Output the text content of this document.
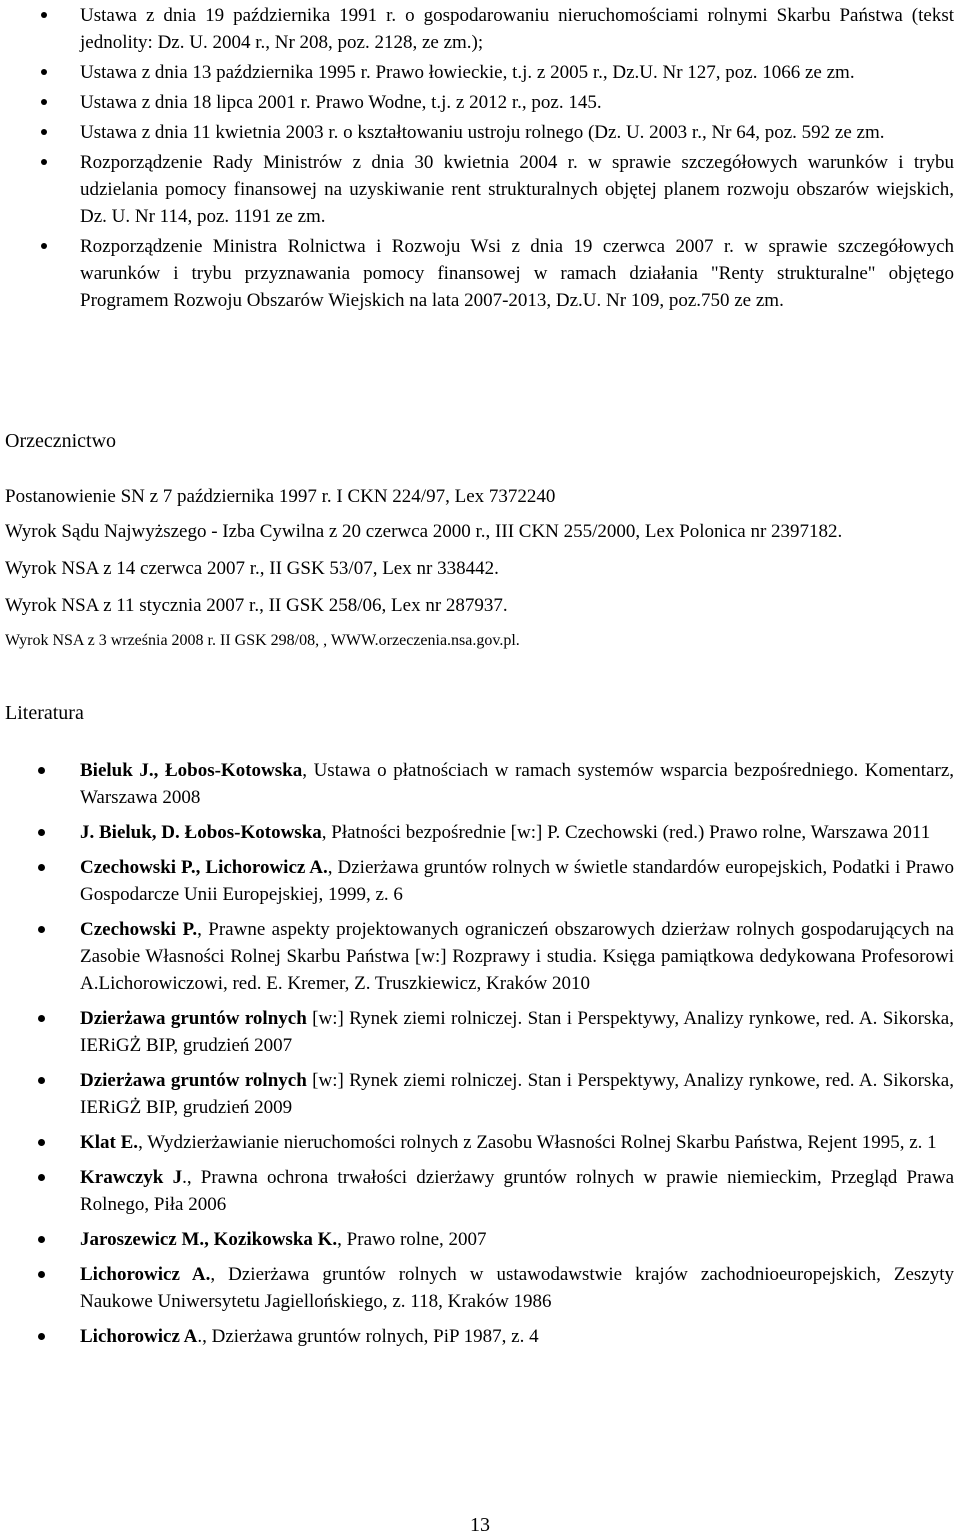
Ustawa z dnia 19 października 1991 r. o gospodarowaniu nieruchomościami rolnymi Skarbu Państwa (tekst jednolity: Dz. U. 2004 r., Nr 208, poz. 2128, ze zm.);
Ustawa z dnia 13 października 1995 r. Prawo łowieckie, t.j. z 2005 r., Dz.U. Nr 127, poz. 1066 ze zm.
Ustawa z dnia 18 lipca 2001 r. Prawo Wodne, t.j. z 2012 r., poz. 145.
Ustawa z dnia 11 kwietnia 2003 r. o kształtowaniu ustroju rolnego (Dz. U. 2003 r., Nr 64, poz. 592 ze zm.
Rozporządzenie Rady Ministrów z dnia 30 kwietnia 2004 r. w sprawie szczegółowych warunków i trybu udzielania pomocy finansowej na uzyskiwanie rent strukturalnych objętej planem rozwoju obszarów wiejskich, Dz. U. Nr 114, poz. 1191 ze zm.
Rozporządzenie Ministra Rolnictwa i Rozwoju Wsi z dnia 19 czerwca 2007 r. w sprawie szczegółowych warunków i trybu przyznawania pomocy finansowej w ramach działania "Renty strukturalne" objętego Programem Rozwoju Obszarów Wiejskich na lata 2007-2013, Dz.U. Nr 109, poz.750 ze zm.
Orzecznictwo

Postanowienie SN z 7 października 1997 r. I CKN 224/97, Lex 7372240

Wyrok Sądu Najwyższego - Izba Cywilna z 20 czerwca 2000 r., III CKN 255/2000, Lex Polonica nr 2397182.

Wyrok NSA z 14 czerwca 2007 r., II GSK 53/07, Lex nr 338442.

Wyrok NSA z 11 stycznia 2007 r., II GSK 258/06, Lex nr 287937.

Wyrok NSA z 3 września 2008 r. II GSK 298/08, , WWW.orzeczenia.nsa.gov.pl.

Literatura
Bieluk J., Łobos-Kotowska, Ustawa o płatnościach w ramach systemów wsparcia bezpośredniego. Komentarz, Warszawa 2008
J. Bieluk, D. Łobos-Kotowska, Płatności bezpośrednie [w:] P. Czechowski (red.) Prawo rolne, Warszawa 2011
Czechowski P., Lichorowicz A., Dzierżawa gruntów rolnych w świetle standardów europejskich, Podatki i Prawo Gospodarcze Unii Europejskiej, 1999, z. 6
Czechowski P., Prawne aspekty projektowanych ograniczeń obszarowych dzierżaw rolnych gospodarujących na Zasobie Własności Rolnej Skarbu Państwa [w:] Rozprawy i studia. Księga pamiątkowa dedykowana Profesorowi A.Lichorowiczowi, red. E. Kremer, Z. Truszkiewicz, Kraków 2010
Dzierżawa gruntów rolnych [w:] Rynek ziemi rolniczej. Stan i Perspektywy, Analizy rynkowe, red. A. Sikorska, IERiGŻ BIP, grudzień 2007
Dzierżawa gruntów rolnych [w:] Rynek ziemi rolniczej. Stan i Perspektywy, Analizy rynkowe, red. A. Sikorska, IERiGŻ BIP, grudzień 2009
Klat E., Wydzierżawianie nieruchomości rolnych z Zasobu Własności Rolnej Skarbu Państwa, Rejent 1995, z. 1
Krawczyk J., Prawna ochrona trwałości dzierżawy gruntów rolnych w prawie niemieckim, Przegląd Prawa Rolnego, Piła 2006
Jaroszewicz M., Kozikowska K., Prawo rolne, 2007
Lichorowicz A., Dzierżawa gruntów rolnych w ustawodawstwie krajów zachodnioeuropejskich, Zeszyty Naukowe Uniwersytetu Jagiellońskiego, z. 118, Kraków 1986
Lichorowicz A., Dzierżawa gruntów rolnych, PiP 1987, z. 4
13
